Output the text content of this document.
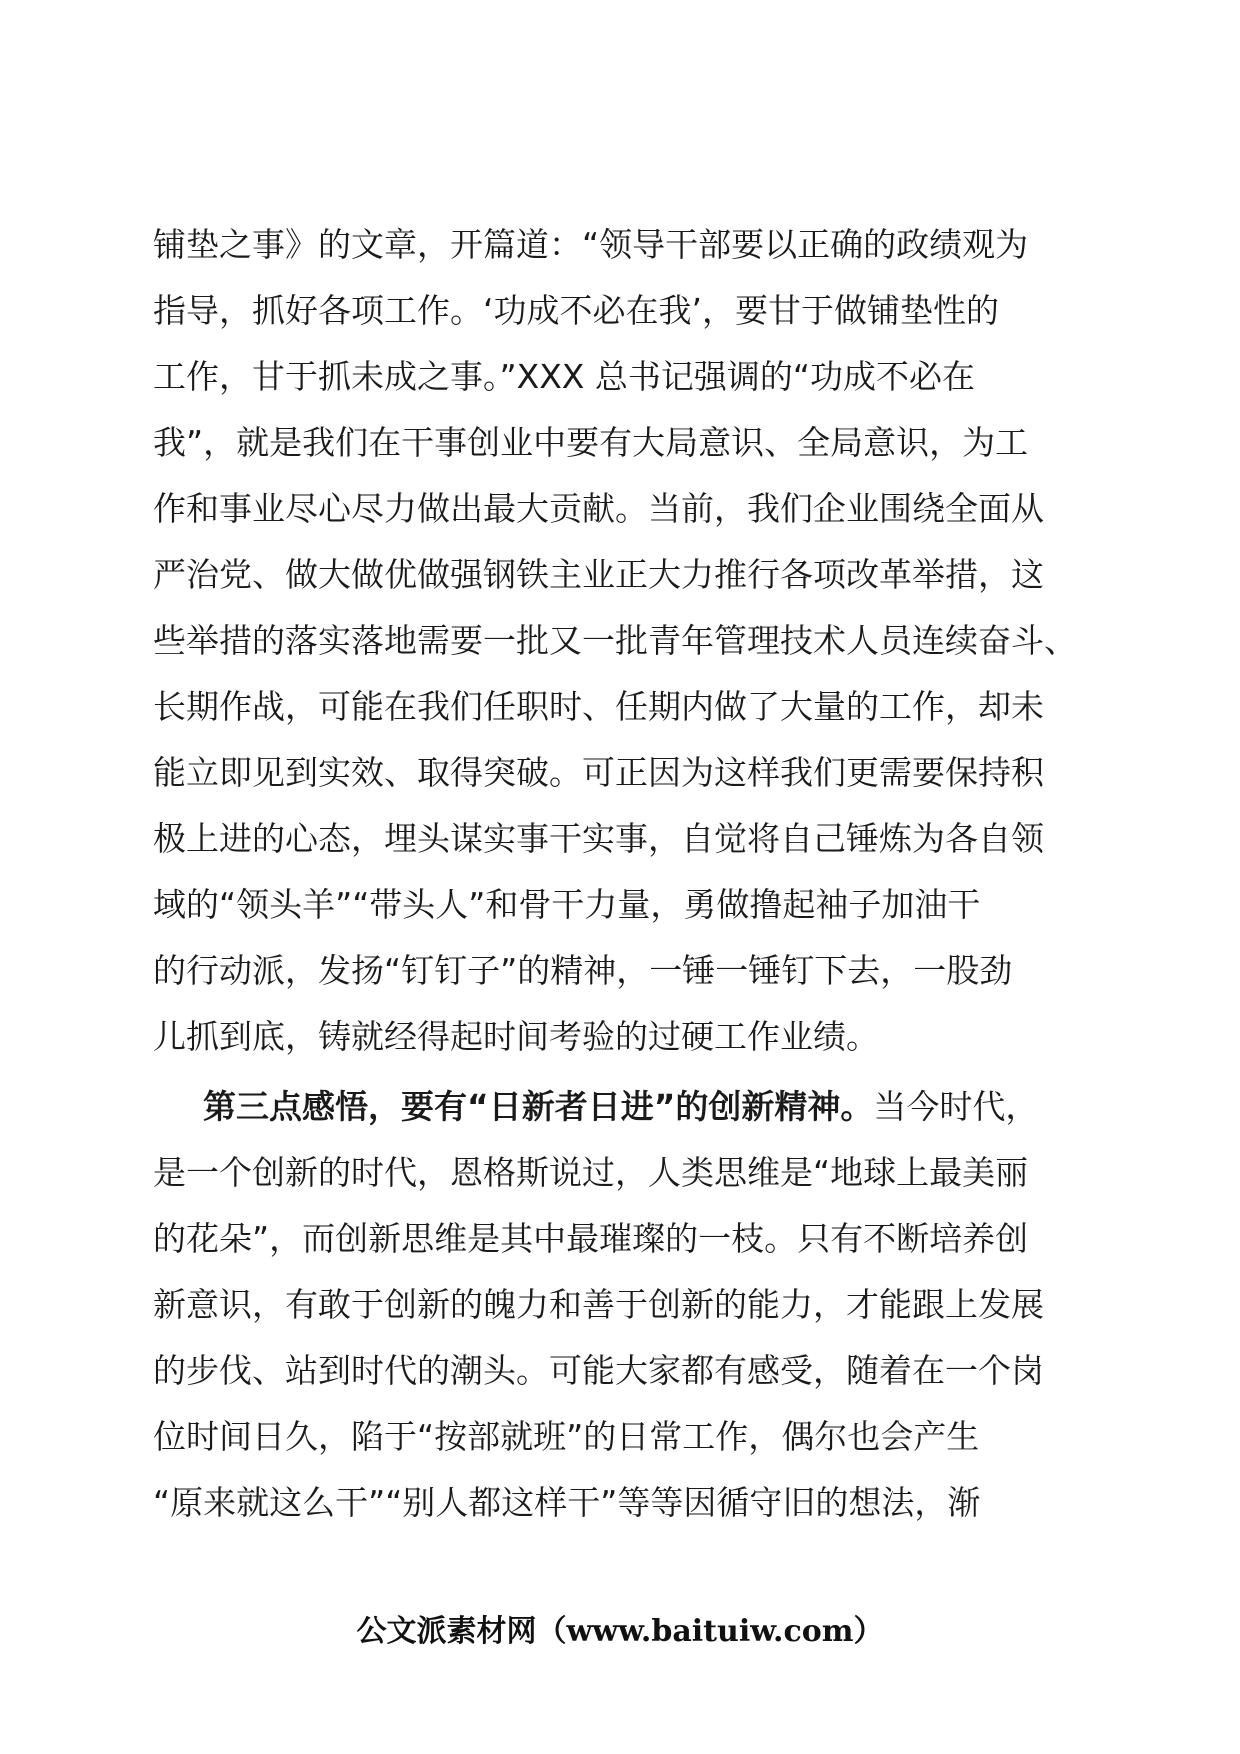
铺垫之事》的文章，开篇道：“领导干部要以正确的政绩观为
指导，抓好各项工作。‘功成不必在我’，要甘于做铺垫性的
工作，甘于抓未成之事。”XXX 总书记强调的“功成不必在
我”，就是我们在干事创业中要有大局意识、全局意识，为工
作和事业尽心尽力做出最大贡献。当前，我们企业围绕全面从
严治党、做大做优做强钢铁主业正大力推行各项改革举措，这
些举措的落实落地需要一批又一批青年管理技术人员连续奋斗、
长期作战，可能在我们任职时、任期内做了大量的工作，却未
能立即见到实效、取得突破。可正因为这样我们更需要保持积
极上进的心态，埋头谋实事干实事，自觉将自己锤炼为各自领
域的“领头羊”“带头人”和骨干力量，勇做撸起袖子加油干
的行动派，发扬“钉钉子”的精神，一锤一锤钉下去，一股劲
儿抓到底，铸就经得起时间考验的过硬工作业绩。
第三点感悟，要有“日新者日进”的创新精神。当今时代，
是一个创新的时代，恩格斯说过，人类思维是“地球上最美丽
的花朵”，而创新思维是其中最璀璨的一枝。只有不断培养创
新意识，有敢于创新的魄力和善于创新的能力，才能跟上发展
的步伐、站到时代的潮头。可能大家都有感受，随着在一个岗
位时间日久，陷于“按部就班”的日常工作，偶尔也会产生
“原来就这么干”“别人都这样干”等等因循守旧的想法，渐
公文派素材网（www.baituiw.com）
